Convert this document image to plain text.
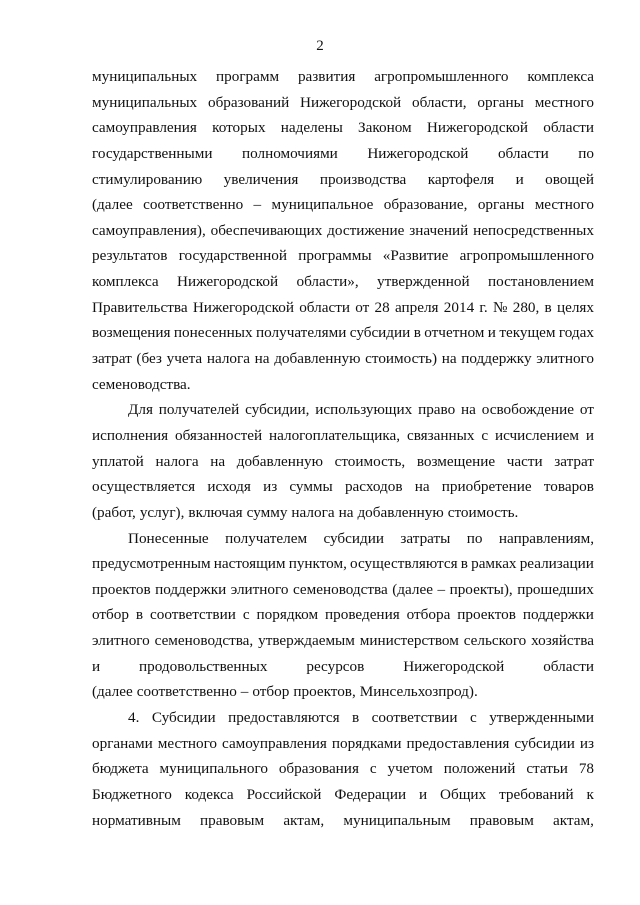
2
муниципальных программ развития агропромышленного комплекса
муниципальных образований Нижегородской области, органы местного
самоуправления которых наделены Законом Нижегородской области
государственными полномочиями Нижегородской области по
стимулированию увеличения производства картофеля и овощей
(далее соответственно – муниципальное образование, органы местного
самоуправления), обеспечивающих достижение значений непосредственных
результатов государственной программы «Развитие агропромышленного
комплекса Нижегородской области», утвержденной постановлением
Правительства Нижегородской области от 28 апреля 2014 г. № 280, в целях
возмещения понесенных получателями субсидии в отчетном и текущем годах
затрат (без учета налога на добавленную стоимость) на поддержку элитного
семеноводства.
Для получателей субсидии, использующих право на освобождение от
исполнения обязанностей налогоплательщика, связанных с исчислением и
уплатой налога на добавленную стоимость, возмещение части затрат
осуществляется исходя из суммы расходов на приобретение товаров
(работ, услуг), включая сумму налога на добавленную стоимость.
Понесенные получателем субсидии затраты по направлениям,
предусмотренным настоящим пунктом, осуществляются в рамках реализации
проектов поддержки элитного семеноводства (далее – проекты), прошедших
отбор в соответствии с порядком проведения отбора проектов поддержки
элитного семеноводства, утверждаемым министерством сельского хозяйства
и	продовольственных	ресурсов	Нижегородской	области
(далее соответственно – отбор проектов, Минсельхозпрод).
4. Субсидии предоставляются в соответствии с утвержденными
органами местного самоуправления порядками предоставления субсидии из
бюджета муниципального образования с учетом положений статьи 78
Бюджетного кодекса Российской Федерации и Общих требований к
нормативным правовым актам, муниципальным правовым актам,
